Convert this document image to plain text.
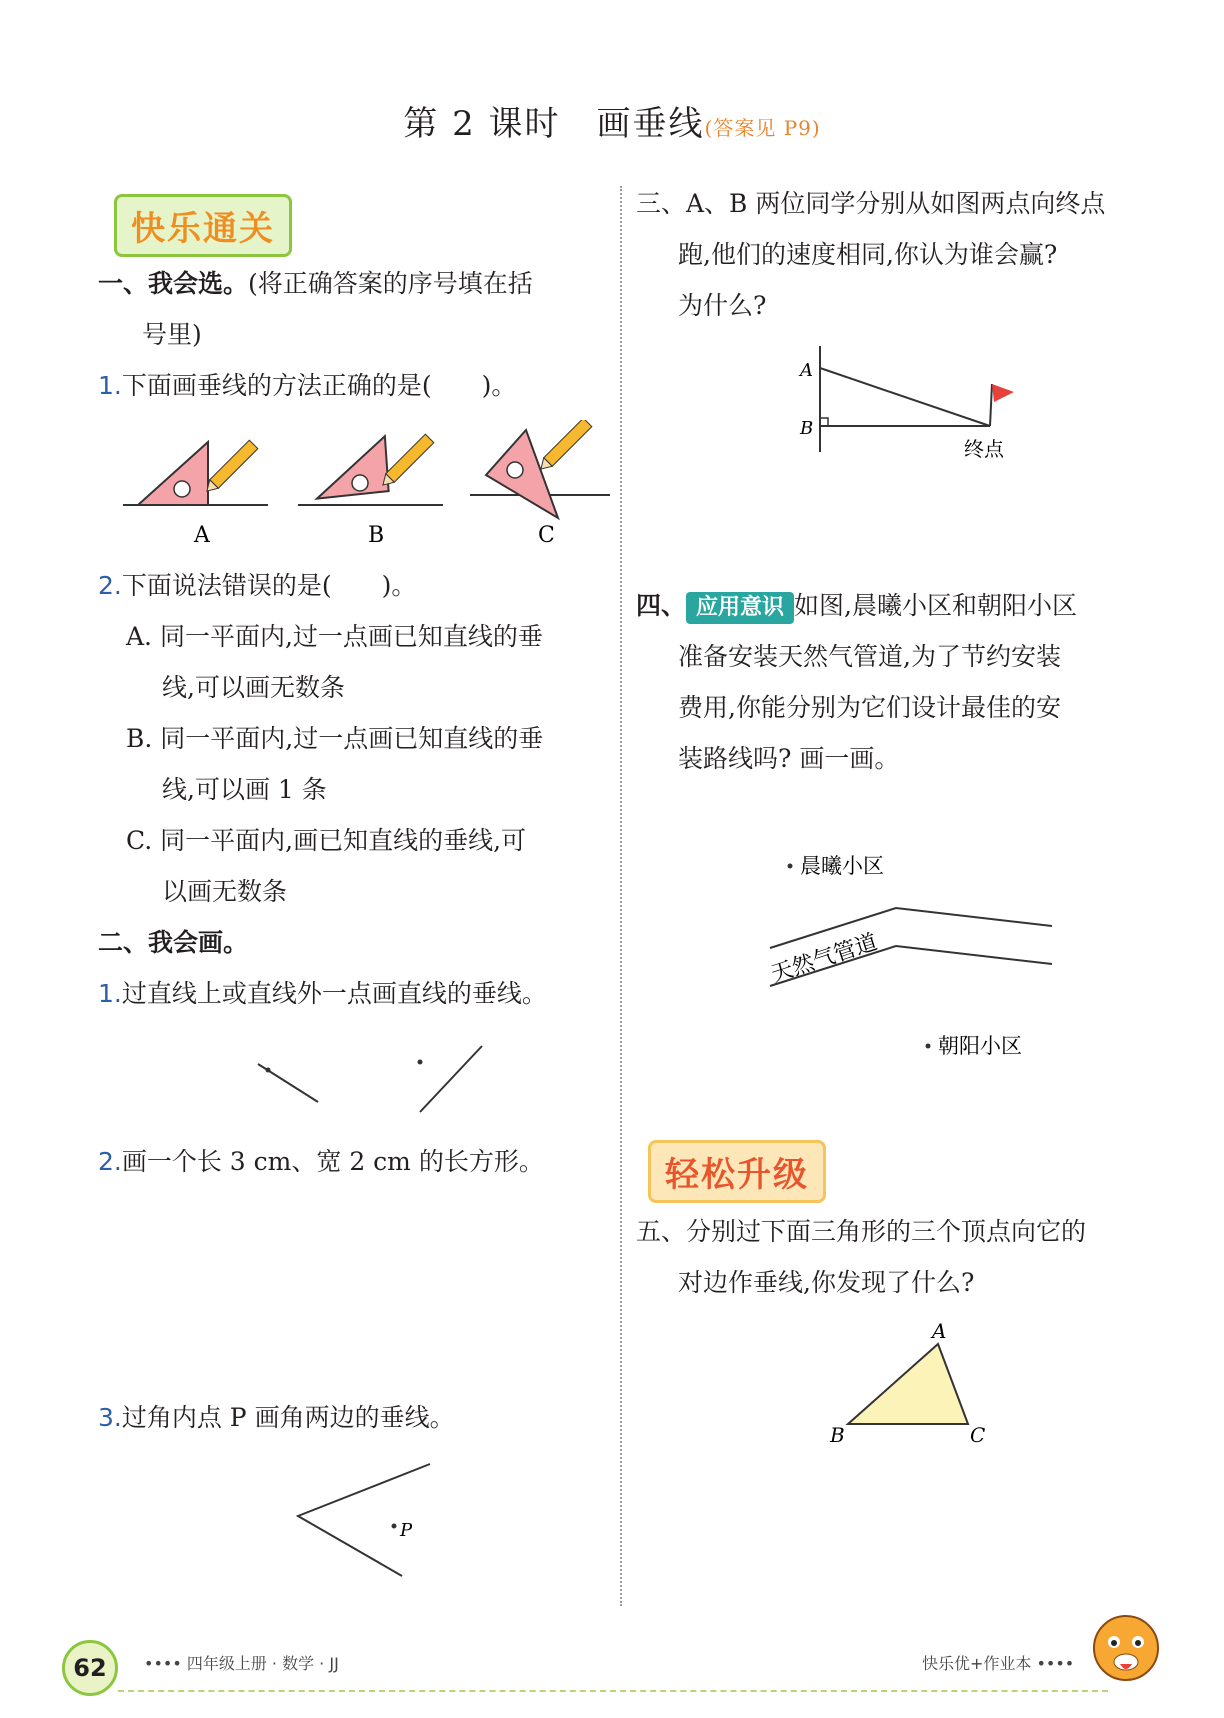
第 2 课时　画垂线(答案见 P9)
快乐通关
轻松升级
一、我会选。(将正确答案的序号填在括
号里)
1.下面画垂线的方法正确的是(　　)。
A	B	C
2.下面说法错误的是(　　)。
A. 同一平面内,过一点画已知直线的垂
线,可以画无数条
B. 同一平面内,过一点画已知直线的垂
线,可以画 1 条
C. 同一平面内,画已知直线的垂线,可
以画无数条
二、我会画。
1.过直线上或直线外一点画直线的垂线。
2.画一个长 3 cm、宽 2 cm 的长方形。
3.过角内点 P 画角两边的垂线。
P
三、A、B 两位同学分别从如图两点向终点
跑,他们的速度相同,你认为谁会赢?
为什么?
A
B
终点
四、 应用意识 如图,晨曦小区和朝阳小区
准备安装天然气管道,为了节约安装
费用,你能分别为它们设计最佳的安
装路线吗? 画一画。
晨曦小区
天然气管道
朝阳小区
五、分别过下面三角形的三个顶点向它的
对边作垂线,你发现了什么?
A
B	C
62	•••• 四年级上册 · 数学 · JJ	快乐优+作业本 ••••
